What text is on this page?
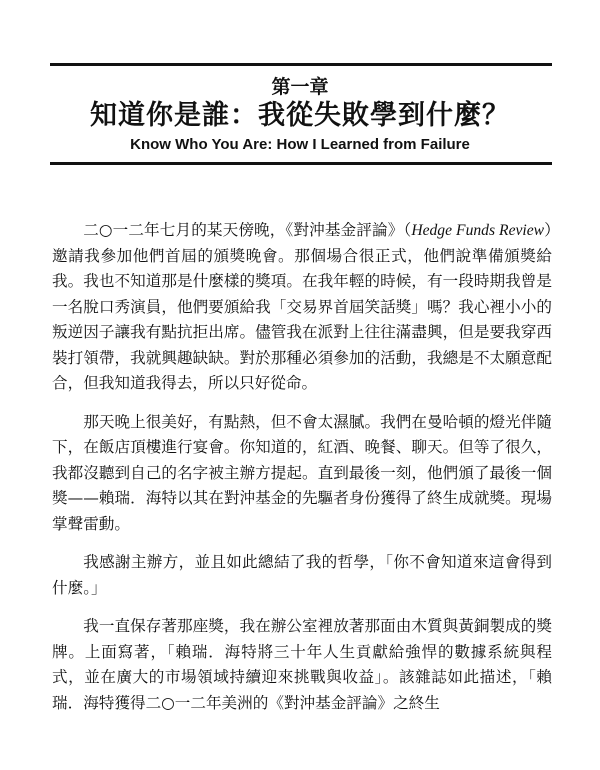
第一章
知道你是誰：我從失敗學到什麼？
Know Who You Are: How I Learned from Failure

二○一二年七月的某天傍晚，《對沖基金評論》（Hedge Funds Review）邀請我參加他們首屆的頒獎晚會。那個場合很正式，他們說準備頒獎給我。我也不知道那是什麼樣的獎項。在我年輕的時候，有一段時期我曾是一名脫口秀演員，他們要頒給我「交易界首屆笑話獎」嗎？我心裡小小的叛逆因子讓我有點抗拒出席。儘管我在派對上往往滿盡興，但是要我穿西裝打領帶，我就興趣缺缺。對於那種必須參加的活動，我總是不太願意配合，但我知道我得去，所以只好從命。

那天晚上很美好，有點熱，但不會太濕膩。我們在曼哈頓的燈光伴隨下，在飯店頂樓進行宴會。你知道的，紅酒、晚餐、聊天。但等了很久，我都沒聽到自己的名字被主辦方提起。直到最後一刻，他們頒了最後一個獎——賴瑞．海特以其在對沖基金的先驅者身份獲得了終生成就獎。現場掌聲雷動。

我感謝主辦方，並且如此總結了我的哲學，「你不會知道來這會得到什麼。」

我一直保存著那座獎，我在辦公室裡放著那面由木質與黃銅製成的獎牌。上面寫著，「賴瑞．海特將三十年人生貢獻給強悍的數據系統與程式，並在廣大的市場領域持續迎來挑戰與收益」。該雜誌如此描述，「賴瑞．海特獲得二○一二年美洲的《對沖基金評論》之終生
